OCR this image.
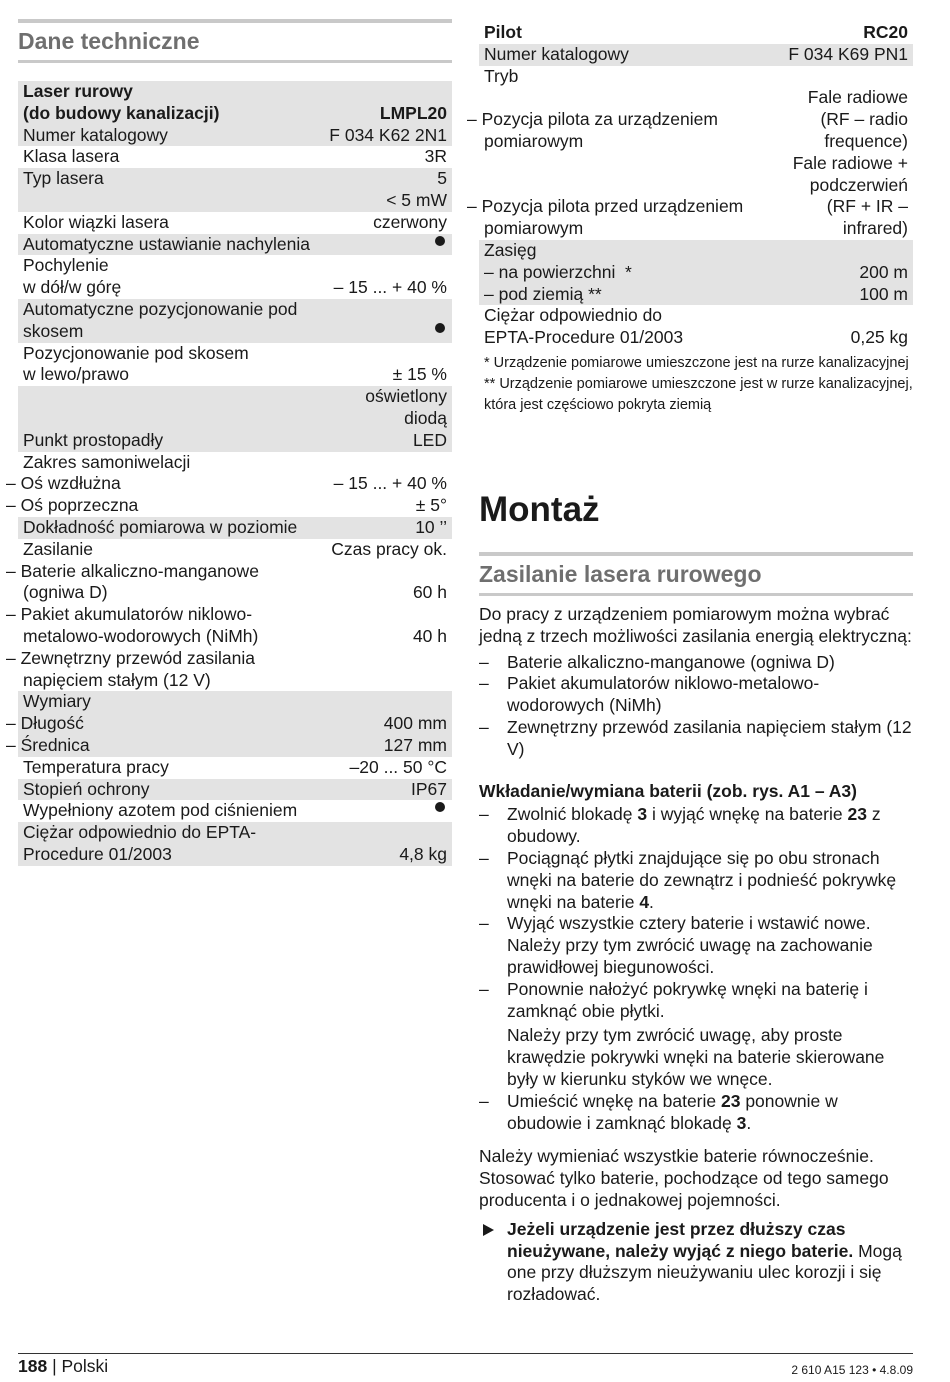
Dane techniczne
Laser rurowy
(do budowy kanalizacji)	LMPL20
Numer katalogowy	F 034 K62 2N1
Klasa lasera	3R
Typ lasera	5
	< 5 mW
Kolor wiązki lasera	czerwony
Automatyczne ustawianie nachylenia	
Pochylenie
w dół/w górę	– 15 ... + 40 %
Automatyczne pozycjonowanie pod skosem	
Pozycjonowanie pod skosem
w lewo/prawo	± 15 %
Punkt prostopadły	oświetlony diodą
LED
Zakres samoniwelacji	
– Oś wzdłużna	– 15 ... + 40 %
– Oś poprzeczna	± 5°
Dokładność pomiarowa w poziomie	10 ’’
Zasilanie	Czas pracy ok.
– Baterie alkaliczno-manganowe (ogniwa D)	60 h
– Pakiet akumulatorów niklowo-metalowo-wodorowych (NiMh)	40 h
– Zewnętrzny przewód zasilania napięciem stałym (12 V)	
Wymiary	
– Długość	400 mm
– Średnica	127 mm
Temperatura pracy	–20 ... 50 °C
Stopień ochrony	IP67
Wypełniony azotem pod ciśnieniem	
Ciężar odpowiednio do EPTA-Procedure 01/2003	4,8 kg
Pilot	RC20
Numer katalogowy	F 034 K69 PN1
Tryb	
– Pozycja pilota za urządzeniem pomiarowym	Fale radiowe
(RF – radio frequence)
– Pozycja pilota przed urządzeniem pomiarowym	Fale radiowe +
podczerwień
(RF + IR – infrared)
Zasięg	
– na powierzchni  *	200 m
– pod ziemią **	100 m
Ciężar odpowiednio do
EPTA-Procedure 01/2003	0,25 kg
* Urządzenie pomiarowe umieszczone jest na rurze kanalizacyjnej
** Urządzenie pomiarowe umieszczone jest w rurze kanalizacyjnej, która jest częściowo pokryta ziemią
Montaż
Zasilanie lasera rurowego

Do pracy z urządzeniem pomiarowym można wybrać jedną z trzech możliwości zasilania energią elektryczną:

– Baterie alkaliczno-manganowe (ogniwa D)
– Pakiet akumulatorów niklowo-metalowo-wodorowych (NiMh)
– Zewnętrzny przewód zasilania napięciem stałym (12 V)

Wkładanie/wymiana baterii (zob. rys. A1 – A3)

– Zwolnić blokadę 3 i wyjąć wnękę na baterie 23 z obudowy.

– Pociągnąć płytki znajdujące się po obu stronach wnęki na baterie do zewnątrz i podnieść pokrywkę wnęki na baterie 4.

– Wyjąć wszystkie cztery baterie i wstawić nowe. Należy przy tym zwrócić uwagę na zachowanie prawidłowej biegunowości.

– Ponownie nałożyć pokrywkę wnęki na baterię i zamknąć obie płytki.

Należy przy tym zwrócić uwagę, aby proste krawędzie pokrywki wnęki na baterie skierowane były w kierunku styków we wnęce.

– Umieścić wnękę na baterie 23 ponownie w obudowie i zamknąć blokadę 3.

Należy wymieniać wszystkie baterie równocześnie. Stosować tylko baterie, pochodzące od tego samego producenta i o jednakowej pojemności.

Jeżeli urządzenie jest przez dłuższy czas nieużywane, należy wyjąć z niego baterie. Mogą one przy dłuższym nieużywaniu ulec korozji i się rozładować.
188 | Polski	2 610 A15 123 • 4.8.09
